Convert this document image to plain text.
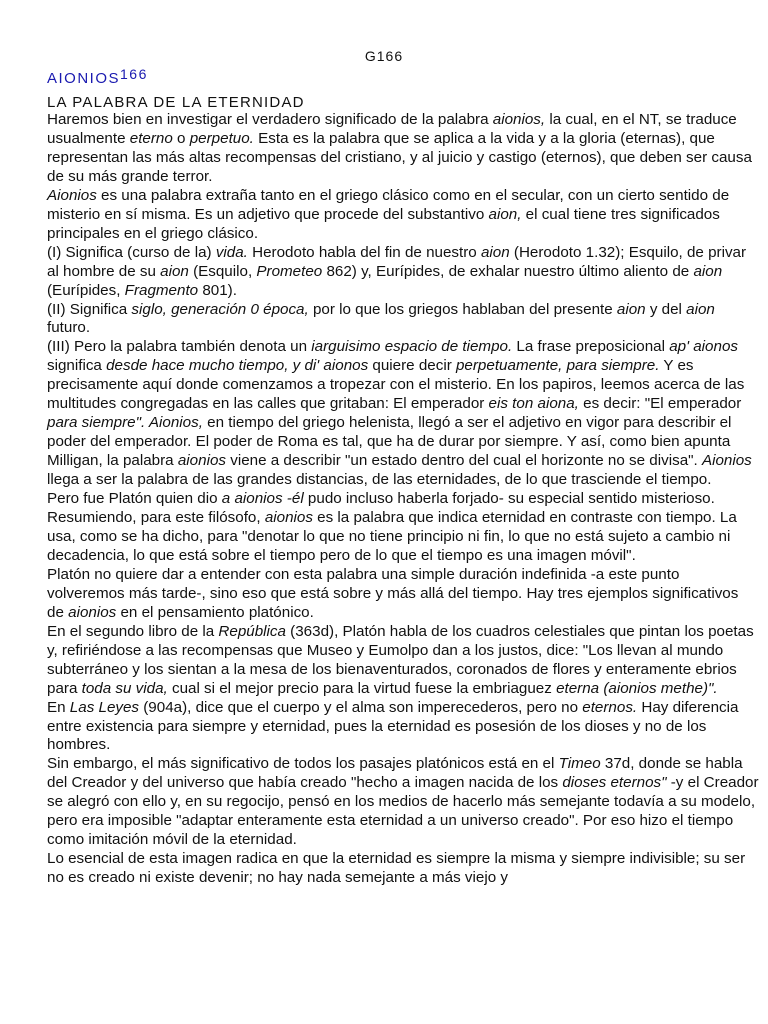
G166
AIONIOS$^{166}$
LA PALABRA DE LA ETERNIDAD

Haremos bien en investigar el verdadero significado de la palabra aionios, la cual, en el NT, se traduce usualmente eterno o perpetuo. Esta es la palabra que se aplica a la vida y a la gloria (eternas), que representan las más altas recompensas del cristiano, y al juicio y castigo (eternos), que deben ser causa de su más grande terror.

Aionios es una palabra extraña tanto en el griego clásico como en el secular, con un cierto sentido de misterio en sí misma. Es un adjetivo que procede del substantivo aion, el cual tiene tres significados principales en el griego clásico.

(I) Significa (curso de la) vida. Herodoto habla del fin de nuestro aion (Herodoto 1.32); Esquilo, de privar al hombre de su aion (Esquilo, Prometeo 862) y, Eurípides, de exhalar nuestro último aliento de aion (Eurípides, Fragmento 801).

(II) Significa siglo, generación 0 época, por lo que los griegos hablaban del presente aion y del aion futuro.

(III) Pero la palabra también denota un iarguisimo espacio de tiempo. La frase preposicional ap' aionos significa desde hace mucho tiempo, y di' aionos quiere decir perpetuamente, para siempre. Y es precisamente aquí donde comenzamos a tropezar con el misterio. En los papiros, leemos acerca de las multitudes congregadas en las calles que gritaban: El emperador eis ton aiona, es decir: "El emperador para siempre". Aionios, en tiempo del griego helenista, llegó a ser el adjetivo en vigor para describir el poder del emperador. El poder de Roma es tal, que ha de durar por siempre. Y así, como bien apunta Milligan, la palabra aionios viene a describir "un estado dentro del cual el horizonte no se divisa". Aionios llega a ser la palabra de las grandes distancias, de las eternidades, de lo que trasciende el tiempo.

Pero fue Platón quien dio a aionios -él pudo incluso haberla forjado- su especial sentido misterioso. Resumiendo, para este filósofo, aionios es la palabra que indica eternidad en contraste con tiempo. La usa, como se ha dicho, para "denotar lo que no tiene principio ni fin, lo que no está sujeto a cambio ni decadencia, lo que está sobre el tiempo pero de lo que el tiempo es una imagen móvil".

Platón no quiere dar a entender con esta palabra una simple duración indefinida -a este punto volveremos más tarde-, sino eso que está sobre y más allá del tiempo. Hay tres ejemplos significativos de aionios en el pensamiento platónico.

En el segundo libro de la República (363d), Platón habla de los cuadros celestiales que pintan los poetas y, refiriéndose a las recompensas que Museo y Eumolpo dan a los justos, dice: "Los llevan al mundo subterráneo y los sientan a la mesa de los bienaventurados, coronados de flores y enteramente ebrios para toda su vida, cual si el mejor precio para la virtud fuese la embriaguez eterna (aionios methe)".

En Las Leyes (904a), dice que el cuerpo y el alma son imperecederos, pero no eternos. Hay diferencia entre existencia para siempre y eternidad, pues la eternidad es posesión de los dioses y no de los hombres.

Sin embargo, el más significativo de todos los pasajes platónicos está en el Timeo 37d, donde se habla del Creador y del universo que había creado "hecho a imagen nacida de los dioses eternos" -y el Creador se alegró con ello y, en su regocijo, pensó en los medios de hacerlo más semejante todavía a su modelo, pero era imposible "adaptar enteramente esta eternidad a un universo creado". Por eso hizo el tiempo como imitación móvil de la eternidad.

Lo esencial de esta imagen radica en que la eternidad es siempre la misma y siempre indivisible; su ser no es creado ni existe devenir; no hay nada semejante a más viejo y
